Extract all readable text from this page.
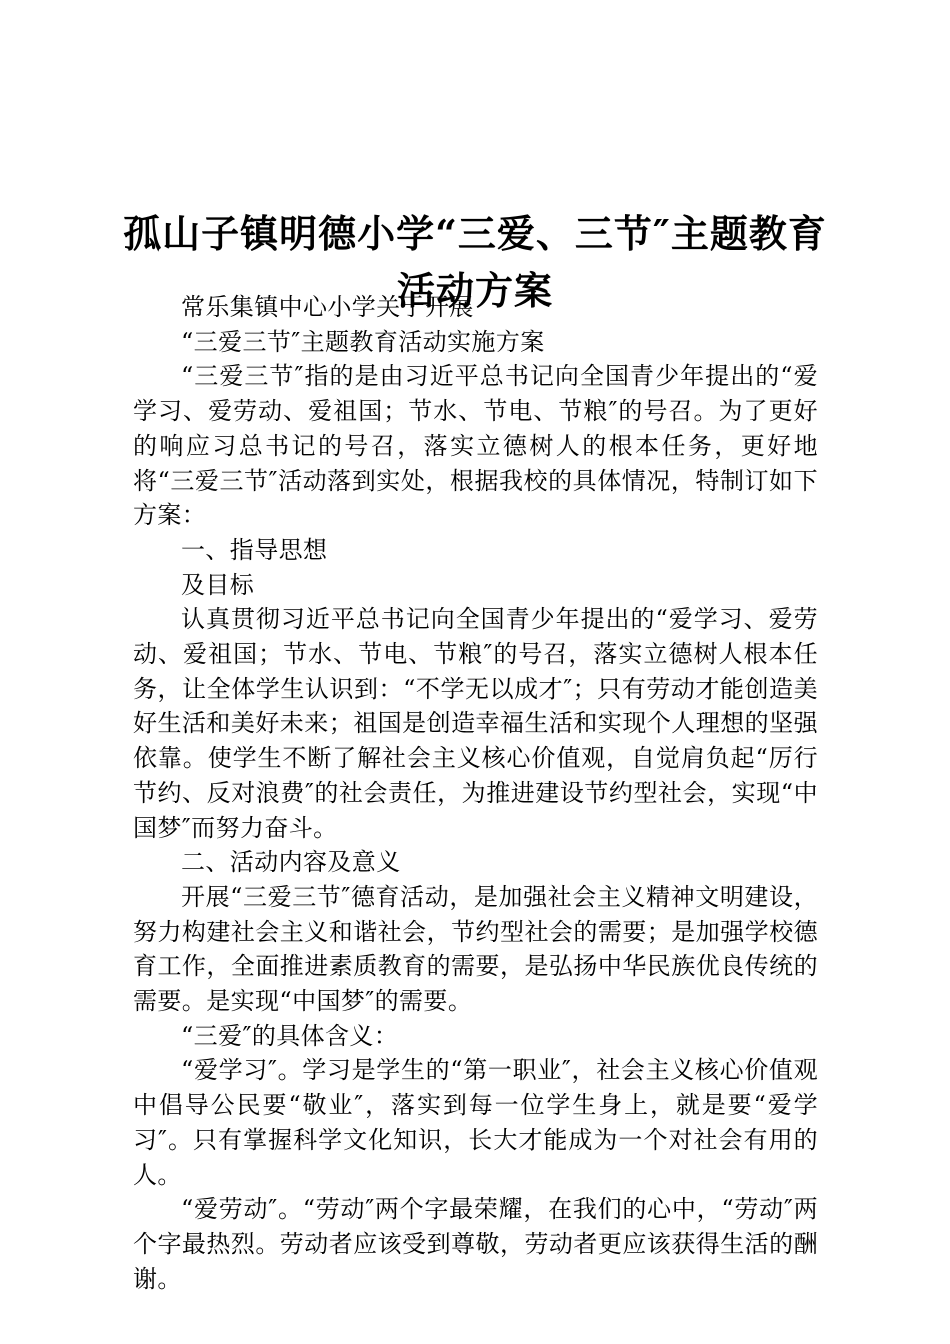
孤山子镇明德小学“三爱、三节″主题教育活动方案

常乐集镇中心小学关于开展

“三爱三节″主题教育活动实施方案

“三爱三节″指的是由习近平总书记向全国青少年提出的“爱学习、爱劳动、爱祖国；节水、节电、节粮″的号召。为了更好的响应习总书记的号召，落实立德树人的根本任务，更好地将“三爱三节″活动落到实处，根据我校的具体情况，特制订如下方案：

一、指导思想

及目标

认真贯彻习近平总书记向全国青少年提出的“爱学习、爱劳动、爱祖国；节水、节电、节粮″的号召，落实立德树人根本任务，让全体学生认识到：“不学无以成才″；只有劳动才能创造美好生活和美好未来；祖国是创造幸福生活和实现个人理想的坚强依靠。使学生不断了解社会主义核心价值观，自觉肩负起“厉行节约、反对浪费″的社会责任，为推进建设节约型社会，实现“中国梦″而努力奋斗。

二、活动内容及意义

开展“三爱三节″德育活动，是加强社会主义精神文明建设，努力构建社会主义和谐社会，节约型社会的需要；是加强学校德育工作，全面推进素质教育的需要，是弘扬中华民族优良传统的需要。是实现“中国梦″的需要。

“三爱″的具体含义：

“爱学习″。学习是学生的“第一职业″，社会主义核心价值观中倡导公民要“敬业″，落实到每一位学生身上，就是要“爱学习″。只有掌握科学文化知识，长大才能成为一个对社会有用的人。

“爱劳动″。“劳动″两个字最荣耀，在我们的心中，“劳动″两个字最热烈。劳动者应该受到尊敬，劳动者更应该获得生活的酬谢。
